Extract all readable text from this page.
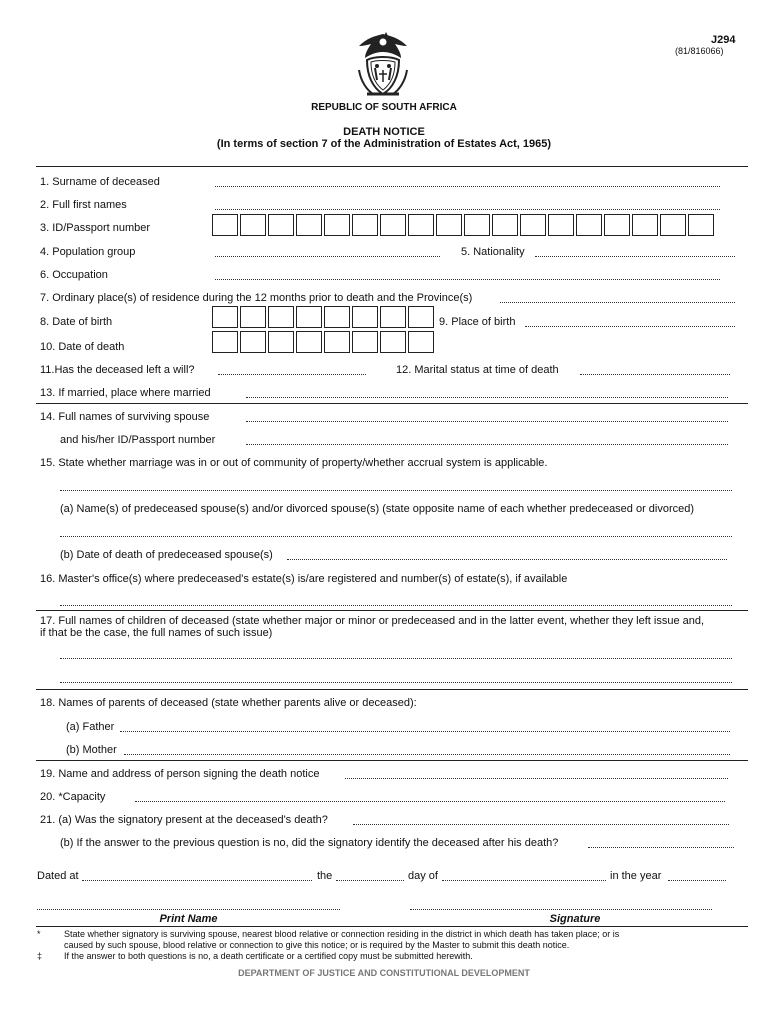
J294
(81/816066)
REPUBLIC OF SOUTH AFRICA
DEATH NOTICE
(In terms of section 7 of the Administration of Estates Act, 1965)
1. Surname of deceased
2. Full first names
3. ID/Passport number
4. Population group	5. Nationality
6. Occupation
7. Ordinary place(s) of residence during the 12 months prior to death and the Province(s)
8. Date of birth	9. Place of birth
10. Date of death
11.Has the deceased left a will?	12. Marital status at time of death
13. If married, place where married
14. Full names of surviving spouse
and his/her ID/Passport number
15. State whether marriage was in or out of community of property/whether accrual system is applicable.
(a) Name(s) of predeceased spouse(s) and/or divorced spouse(s) (state opposite name of each whether predeceased or divorced)
(b) Date of death of predeceased spouse(s)
16. Master's office(s) where predeceased's estate(s) is/are registered and number(s) of estate(s), if available
17. Full names of children of deceased (state whether major or minor or predeceased and in the latter event, whether they left issue and,
if that be the case, the full names of such issue)
18. Names of parents of deceased (state whether parents alive or deceased):
(a) Father
(b) Mother
19. Name and address of person signing the death notice
20. *Capacity
21. (a) Was the signatory present at the deceased's death?
(b) If the answer to the previous question is no, did the signatory identify the deceased after his death?
Dated at	the	day of	in the year
Print Name	Signature
*	State whether signatory is surviving spouse, nearest blood relative or connection residing in the district in which death has taken place; or is
caused by such spouse, blood relative or connection to give this notice; or is required by the Master to submit this death notice.
‡ If the answer to both questions is no, a death certificate or a certified copy must be submitted herewith.
DEPARTMENT OF JUSTICE AND CONSTITUTIONAL DEVELOPMENT
